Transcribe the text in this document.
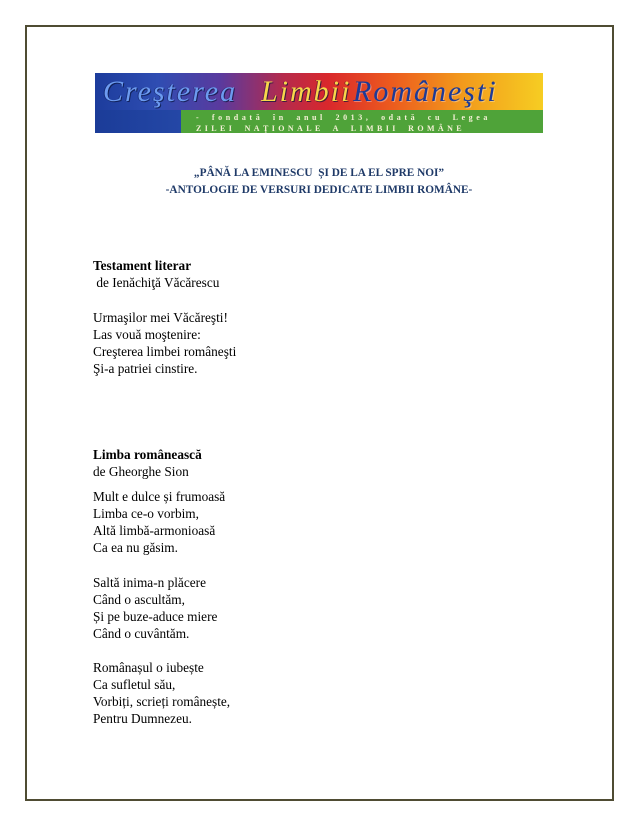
Creşterea Limbii Româneşti
- fondată în anul 2013, odată cu Legea
ZILEI NAŢIONALE A LIMBII ROMÂNE
„PÂNĂ LA EMINESCU  ȘI DE LA EL SPRE NOI”
-ANTOLOGIE DE VERSURI DEDICATE LIMBII ROMÂNE-
Testament literar
de Ienăchiţă Văcărescu
Urmaşilor mei Văcăreşti!
Las vouă moştenire:
Creşterea limbei româneşti
Şi-a patriei cinstire.
Limba românească
de Gheorghe Sion
Mult e dulce și frumoasă
Limba ce-o vorbim,
Altă limbă-armonioasă
Ca ea nu găsim.
Saltă inima-n plăcere
Când o ascultăm,
Și pe buze-aduce miere
Când o cuvântăm.
Românașul o iubește
Ca sufletul său,
Vorbiți, scrieți românește,
Pentru Dumnezeu.
